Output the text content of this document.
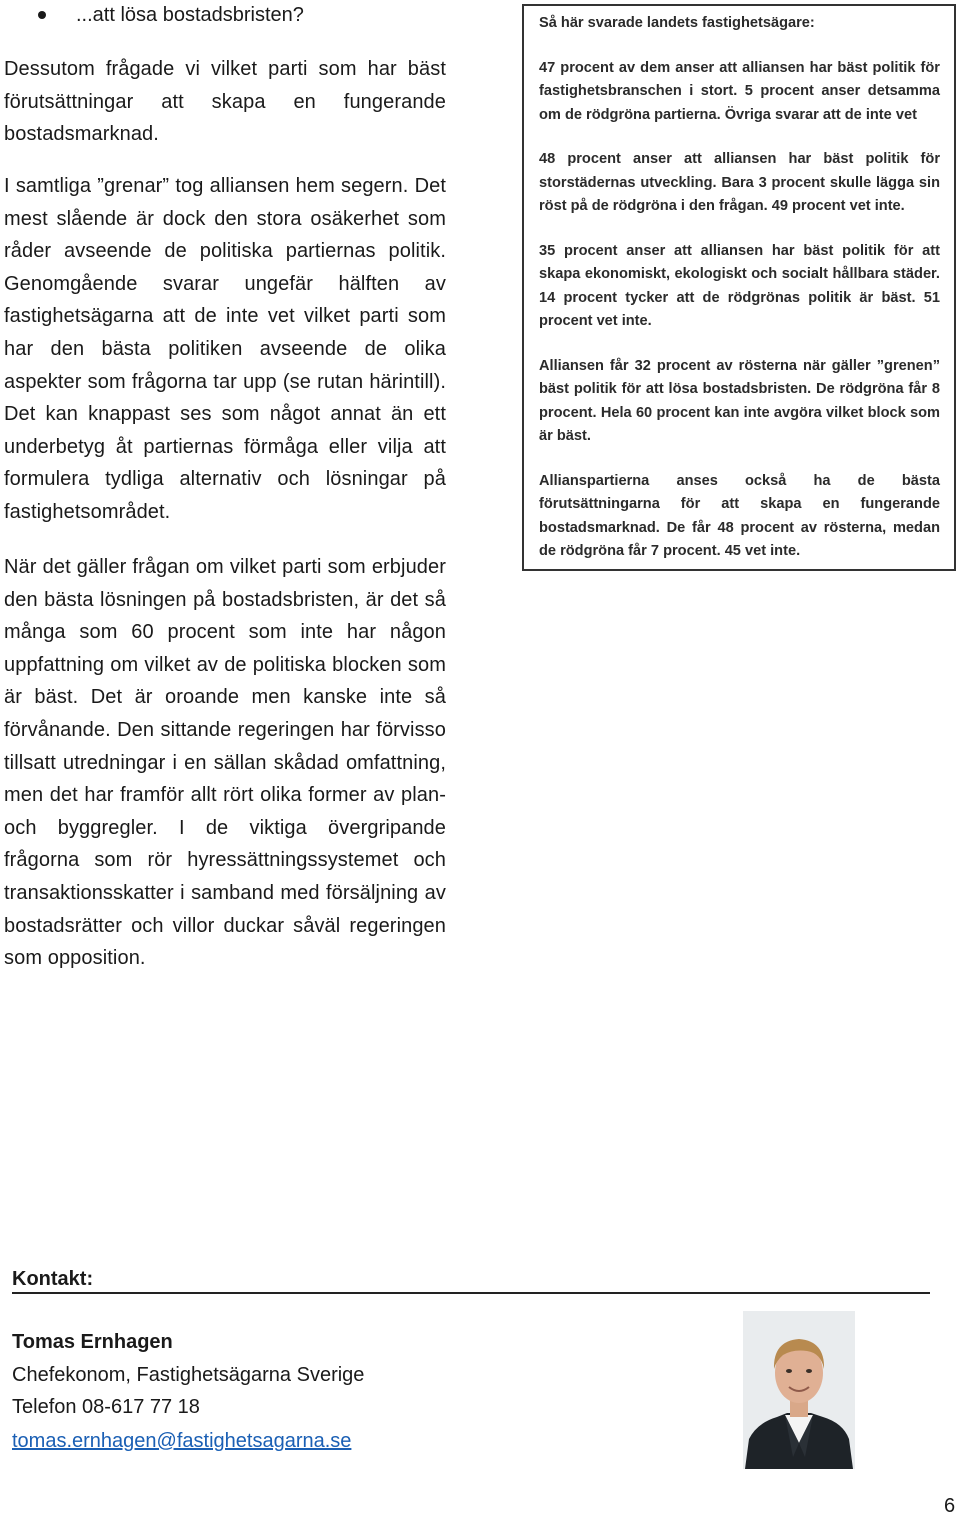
...att lösa bostadsbristen?

Dessutom frågade vi vilket parti som har bäst förutsättningar att skapa en fungerande bostadsmarknad.

I samtliga ”grenar” tog alliansen hem segern. Det mest slående är dock den stora osäkerhet som råder avseende de politiska partiernas politik. Genomgående svarar ungefär hälften av fastighetsägarna att de inte vet vilket parti som har den bästa politiken avseende de olika aspekter som frågorna tar upp (se rutan härintill). Det kan knappast ses som något annat än ett underbetyg åt partiernas förmåga eller vilja att formulera tydliga alternativ och lösningar på fastighetsområdet.

När det gäller frågan om vilket parti som erbjuder den bästa lösningen på bostadsbristen, är det så många som 60 procent som inte har någon uppfattning om vilket av de politiska blocken som är bäst. Det är oroande men kanske inte så förvånande. Den sittande regeringen har förvisso tillsatt utredningar i en sällan skådad omfattning, men det har framför allt rört olika former av plan- och byggregler. I de viktiga övergripande frågorna som rör hyressättningssystemet och transaktionsskatter i samband med försäljning av bostadsrätter och villor duckar såväl regeringen som opposition.

Så här svarade landets fastighetsägare:

47 procent av dem anser att alliansen har bäst politik för fastighetsbranschen i stort. 5 procent anser detsamma om de rödgröna partierna. Övriga svarar att de inte vet

48 procent anser att alliansen har bäst politik för storstädernas utveckling. Bara 3 procent skulle lägga sin röst på de rödgröna i den frågan. 49 procent vet inte.

35 procent anser att alliansen har bäst politik för att skapa ekonomiskt, ekologiskt och socialt hållbara städer. 14 procent tycker att de rödgrönas politik är bäst. 51 procent vet inte.

Alliansen får 32 procent av rösterna när gäller ”grenen” bäst politik för att lösa bostadsbristen. De rödgröna får 8 procent. Hela 60 procent kan inte avgöra vilket block som är bäst.

Allianspartierna anses också ha de bästa förutsättningarna för att skapa en fungerande bostadsmarknad. De får 48 procent av rösterna, medan de rödgröna får 7 procent. 45 vet inte.

Kontakt:
Tomas Ernhagen
Chefekonom, Fastighetsägarna Sverige
Telefon 08-617 77 18
tomas.ernhagen@fastighetsagarna.se
6
